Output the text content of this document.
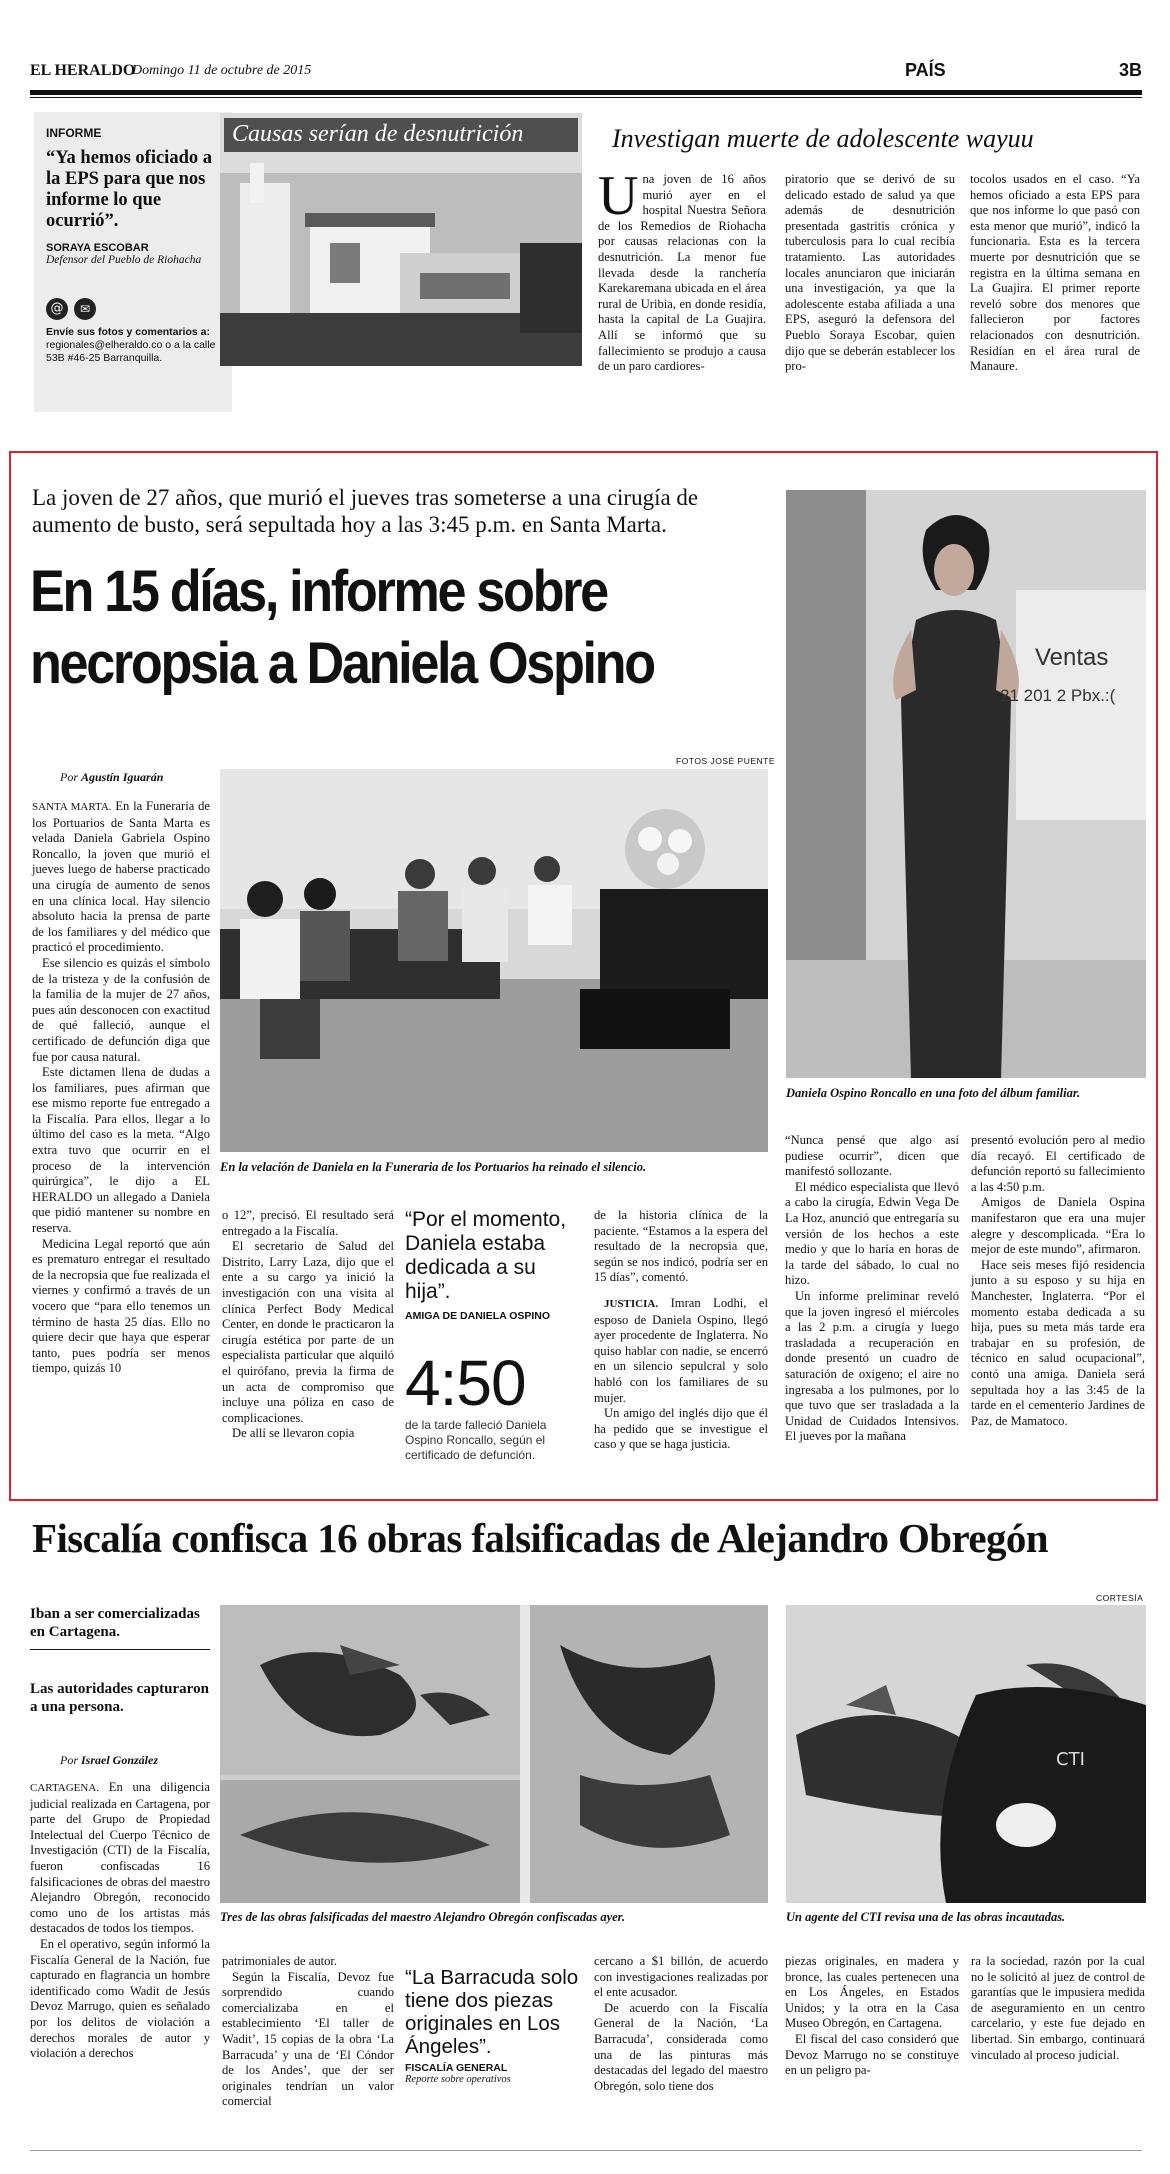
EL HERALDO
Domingo 11 de octubre de 2015	PAÍS	3B
INFORME
“Ya hemos oficiado a la EPS para que nos informe lo que ocurrió”.
SORAYA ESCOBAR
Defensor del Pueblo de Riohacha
@	✉
Envíe sus fotos y comentarios a: regionales@elheraldo.co o a la calle 53B #46-25 Barranquilla.
Causas serían de desnutrición	Investigan muerte de adolescente wayuu
U na joven de 16 años murió ayer en el hospital Nuestra Señora de los Remedios de Riohacha por causas relacionas con la desnutrición. La menor fue llevada desde la ranchería Karekaremana ubicada en el área rural de Uribia, en donde residía, hasta la capital de La Guajira. Allí se informó que su fallecimiento se produjo a causa de un paro cardiores-
piratorio que se derivó de su delicado estado de salud ya que además de desnutrición presentada gastritis crónica y tuberculosis para lo cual recibía tratamiento. Las autoridades locales anunciaron que iniciarán una investigación, ya que la adolescente estaba afiliada a una EPS, aseguró la defensora del Pueblo Soraya Escobar, quien dijo que se deberán establecer los pro-
tocolos usados en el caso. “Ya hemos oficiado a esta EPS para que nos informe lo que pasó con esta menor que murió”, indicó la funcionaria. Esta es la tercera muerte por desnutrición que se registra en la última semana en La Guajira. El primer reporte reveló sobre dos menores que fallecieron por factores relacionados con desnutrición. Residían en el área rural de Manaure.
La joven de 27 años, que murió el jueves tras someterse a una cirugía de aumento de busto, será sepultada hoy a las 3:45 p.m. en Santa Marta.
En 15 días, informe sobre
necropsia a Daniela Ospino
Por Agustín Iguarán
FOTOS JOSÉ PUENTE
En la velación de Daniela en la Funeraria de los Portuarios ha reinado el silencio.
Ventas
21 201 2 Pbx.:(
Daniela Ospino Roncallo en una foto del álbum familiar.

SANTA MARTA. En la Funeraria de los Portuarios de Santa Marta es velada Daniela Gabriela Ospino Roncallo, la joven que murió el jueves luego de haberse practicado una cirugía de aumento de senos en una clínica local. Hay silencio absoluto hacia la prensa de parte de los familiares y del médico que practicó el procedimiento.

Ese silencio es quizás el símbolo de la tristeza y de la confusión de la familia de la mujer de 27 años, pues aún desconocen con exactitud de qué falleció, aunque el certificado de defunción diga que fue por causa natural.

Este dictamen llena de dudas a los familiares, pues afirman que ese mismo reporte fue entregado a la Fiscalía. Para ellos, llegar a lo último del caso es la meta. “Algo extra tuvo que ocurrir en el proceso de la intervención quirúrgica”, le dijo a EL HERALDO un allegado a Daniela que pidió mantener su nombre en reserva.

Medicina Legal reportó que aún es prematuro entregar el resultado de la necropsia que fue realizada el viernes y confirmó a través de un vocero que “para ello tenemos un término de hasta 25 días. Ello no quiere decir que haya que esperar tanto, pues podría ser menos tiempo, quizás 10

o 12”, precisó. El resultado será entregado a la Fiscalía.

El secretario de Salud del Distrito, Larry Laza, dijo que el ente a su cargo ya inició la investigación con una visita al clínica Perfect Body Medical Center, en donde le practicaron la cirugía estética por parte de un especialista particular que alquiló el quirófano, previa la firma de un acta de compromiso que incluye una póliza en caso de complicaciones.

De allí se llevaron copia

“Por el momento, Daniela estaba dedicada a su hija”.
AMIGA DE DANIELA OSPINO
4:50
de la tarde falleció Daniela Ospino Roncallo, según el certificado de defunción.

de la historia clínica de la paciente. “Estamos a la espera del resultado de la necropsia que, según se nos indicó, podría ser en 15 días”, comentó.

JUSTICIA. Imran Lodhi, el esposo de Daniela Ospino, llegó ayer procedente de Inglaterra. No quiso hablar con nadie, se encerró en un silencio sepulcral y solo habló con los familiares de su mujer.

Un amigo del inglés dijo que él ha pedido que se investigue el caso y que se haga justicia.

“Nunca pensé que algo así pudiese ocurrir”, dicen que manifestó sollozante.

El médico especialista que llevó a cabo la cirugía, Edwin Vega De La Hoz, anunció que entregaría su versión de los hechos a este medio y que lo haría en horas de la tarde del sábado, lo cual no hizo.

Un informe preliminar reveló que la joven ingresó el miércoles a las 2 p.m. a cirugía y luego trasladada a recuperación en donde presentó un cuadro de saturación de oxigeno; el aire no ingresaba a los pulmones, por lo que tuvo que ser trasladada a la Unidad de Cuidados Intensivos. El jueves por la mañana

presentó evolución pero al medio día recayó. El certificado de defunción reportó su fallecimiento a las 4:50 p.m.

Amigos de Daniela Ospina manifestaron que era una mujer alegre y descomplicada. “Era lo mejor de este mundo”, afirmaron.

Hace seis meses fijó residencia junto a su esposo y su hija en Manchester, Inglaterra. “Por el momento estaba dedicada a su hija, pues su meta más tarde era trabajar en su profesión, de técnico en salud ocupacional”, contó una amiga. Daniela será sepultada hoy a las 3:45 de la tarde en el cementerio Jardines de Paz, de Mamatoco.

Fiscalía confisca 16 obras falsificadas de Alejandro Obregón
CORTESÍA
Iban a ser comercializadas en Cartagena.
Las autoridades capturaron a una persona.
Por Israel González
Tres de las obras falsificadas del maestro Alejandro Obregón confiscadas ayer.
CTI
Un agente del CTI revisa una de las obras incautadas.

CARTAGENA. En una diligencia judicial realizada en Cartagena, por parte del Grupo de Propiedad Intelectual del Cuerpo Técnico de Investigación (CTI) de la Fiscalía, fueron confiscadas 16 falsificaciones de obras del maestro Alejandro Obregón, reconocido como uno de los artistas más destacados de todos los tiempos.

En el operativo, según informó la Fiscalía General de la Nación, fue capturado en flagrancia un hombre identificado como Wadit de Jesús Devoz Marrugo, quien es señalado por los delitos de violación a derechos morales de autor y violación a derechos

patrimoniales de autor.

Según la Fiscalía, Devoz fue sorprendido cuando comercializaba en el establecimiento ‘El taller de Wadit’, 15 copias de la obra ‘La Barracuda’ y una de ‘El Cóndor de los Andes’, que der ser originales tendrían un valor comercial

“La Barracuda solo tiene dos piezas originales en Los Ángeles”.
FISCALÍA GENERAL
Reporte sobre operativos

cercano a $1 billón, de acuerdo con investigaciones realizadas por el ente acusador.

De acuerdo con la Fiscalía General de la Nación, ‘La Barracuda’, considerada como una de las pinturas más destacadas del legado del maestro Obregón, solo tiene dos

piezas originales, en madera y bronce, las cuales pertenecen una en Los Ángeles, en Estados Unidos; y la otra en la Casa Museo Obregón, en Cartagena.

El fiscal del caso consideró que Devoz Marrugo no se constituye en un peligro pa-

ra la sociedad, razón por la cual no le solicitó al juez de control de garantías que le impusiera medida de aseguramiento en un centro carcelario, y este fue dejado en libertad. Sin embargo, continuará vinculado al proceso judicial.
